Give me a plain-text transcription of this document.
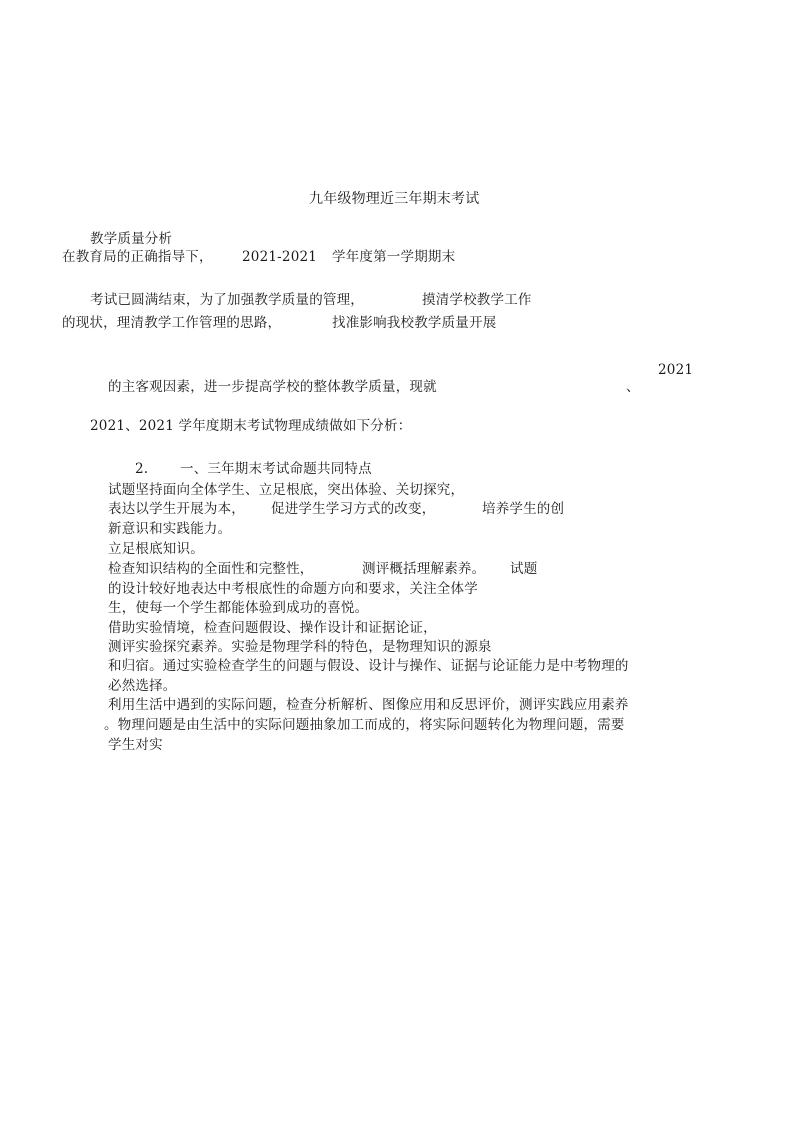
九年级物理近三年期末考试
教学质量分析
在教育局的正确指导下， 2021-2021 学年度第一学期期末
考试已圆满结束，为了加强教学质量的管理，	摸清学校教学工作
的现状，理清教学工作管理的思路，	找准影响我校教学质量开展
2021
的主客观因素，进一步提高学校的整体教学质量，现就	、
2021、2021 学年度期末考试物理成绩做如下分析：
2. 一、三年期末考试命题共同特点
试题坚持面向全体学生、立足根底，突出体验、关切探究，
表达以学生开展为本， 促进学生学习方式的改变，	培养学生的创
新意识和实践能力。
立足根底知识。
检查知识结构的全面性和完整性，	测评概括理解素养。 试题
的设计较好地表达中考根底性的命题方向和要求，关注全体学
生，使每一个学生都能体验到成功的喜悦。
借助实验情境，检查问题假设、操作设计和证据论证，
测评实验探究素养。实验是物理学科的特色，是物理知识的源泉
和归宿。通过实验检查学生的问题与假设、设计与操作、证据与论证能力是中考物理的
必然选择。
利用生活中遇到的实际问题，检查分析解析、图像应用和反思评价，测评实践应用素养
。物理问题是由生活中的实际问题抽象加工而成的，将实际问题转化为物理问题，需要
学生对实
